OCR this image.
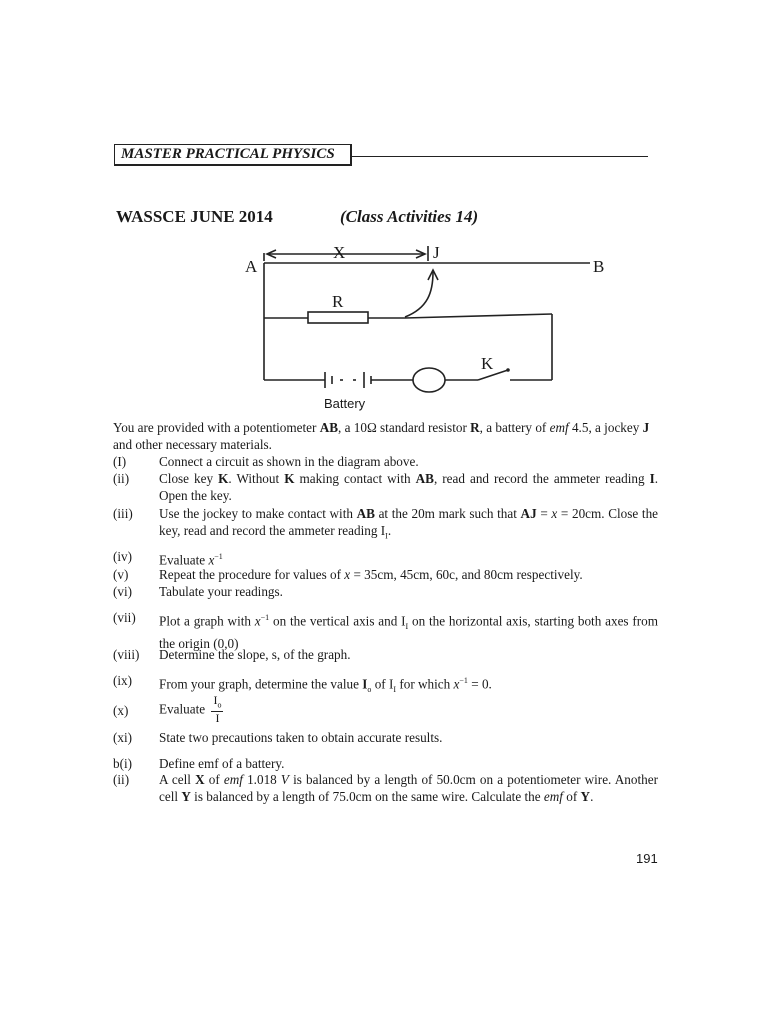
MASTER PRACTICAL PHYSICS
WASSCE JUNE 2014	(Class Activities 14)
A	B
X	J
R
K
Battery
You are provided with a potentiometer AB, a 10Ω standard resistor R, a battery of emf 4.5, a jockey J and other necessary materials.
(I)	Connect a circuit as shown in the diagram above.
(ii)	Close key K. Without K making contact with AB, read and record the ammeter reading I. Open the key.
(iii)	Use the jockey to make contact with AB at the 20m mark such that AJ = x = 20cm. Close the key, read and record the ammeter reading $I_I$.
(iv)	Evaluate $x^{-1}$
(v)	Repeat the procedure for values of x = 35cm, 45cm, 60c, and 80cm respectively.
(vi)	Tabulate your readings.
(vii)	Plot a graph with $x^{-1}$ on the vertical axis and $I_I$ on the horizontal axis, starting both axes from the origin (0,0)
(viii)	Determine the slope, s, of the graph.
(ix)	From your graph, determine the value $I_o$ of $I_I$ for which $x^{-1} = 0$.
(x)	Evaluate $\frac{I_o}{I}$
(xi)	State two precautions taken to obtain accurate results.
b(i)	Define emf of a battery.
(ii)	A cell X of emf 1.018 V is balanced by a length of 50.0cm on a potentiometer wire. Another cell Y is balanced by a length of 75.0cm on the same wire. Calculate the emf of Y.
191
